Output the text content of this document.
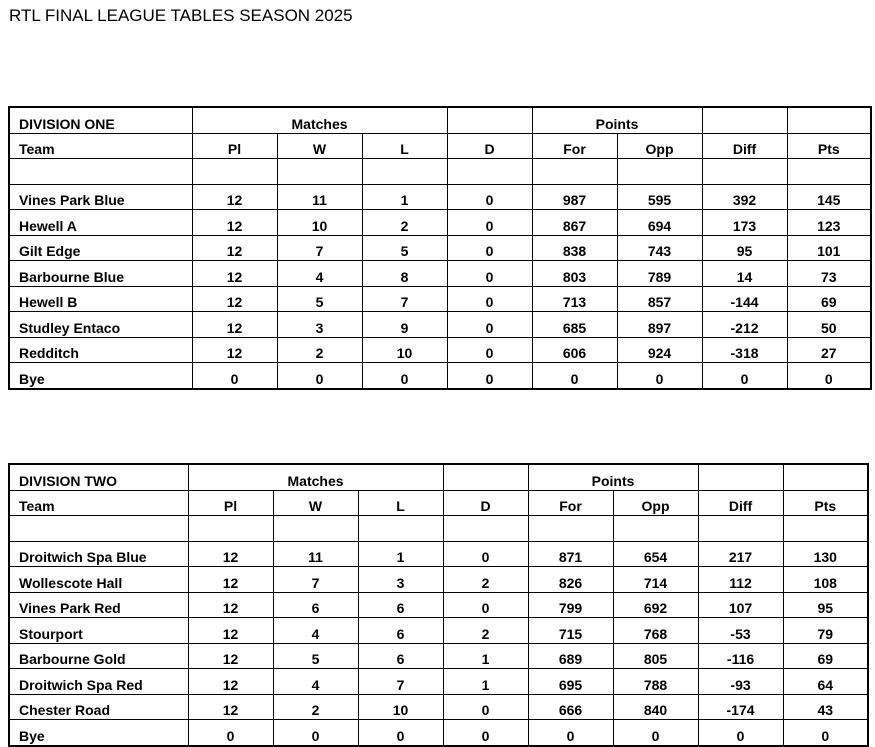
RTL FINAL LEAGUE TABLES SEASON 2025
DIVISION ONE	Matches				Points			
Team	Pl	W	L	D	For	Opp	Diff	Pts

Vines Park Blue	12	11	1	0	987	595	392	145
Hewell A	12	10	2	0	867	694	173	123
Gilt Edge	12	7	5	0	838	743	95	101
Barbourne Blue	12	4	8	0	803	789	14	73
Hewell B	12	5	7	0	713	857	-144	69
Studley Entaco	12	3	9	0	685	897	-212	50
Redditch	12	2	10	0	606	924	-318	27
Bye	0	0	0	0	0	0	0	0
DIVISION TWO	Matches				Points			
Team	Pl	W	L	D	For	Opp	Diff	Pts

Droitwich Spa Blue	12	11	1	0	871	654	217	130
Wollescote Hall	12	7	3	2	826	714	112	108
Vines Park Red	12	6	6	0	799	692	107	95
Stourport	12	4	6	2	715	768	-53	79
Barbourne Gold	12	5	6	1	689	805	-116	69
Droitwich Spa Red	12	4	7	1	695	788	-93	64
Chester Road	12	2	10	0	666	840	-174	43
Bye	0	0	0	0	0	0	0	0
